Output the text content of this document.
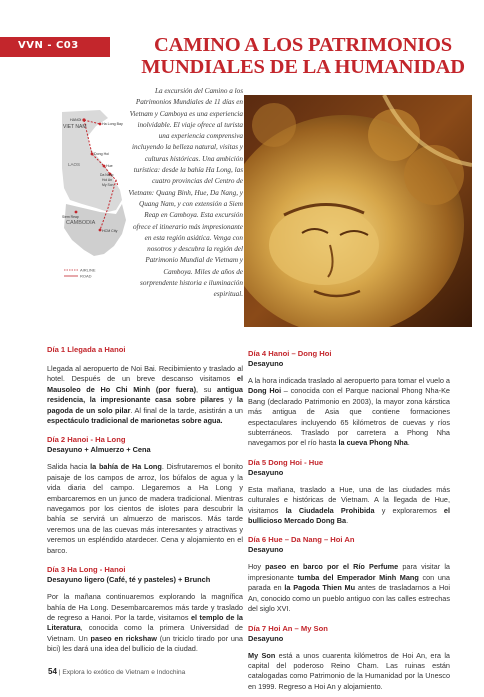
VVN - C03	CAMINO A LOS PATRIMONIOS
MUNDIALES DE LA HUMANIDAD
VIET NAM
LAOS
CAMBODIA
HANOI
Ha Long Bay
Dong Hoi
Hue
Da Nang
Hoi An
My Son
HCM City
Siem Reap
AIRLINE
ROAD

La excursión del Camino a los Patrimonios Mundiales de 11 días en Vietnam y Camboya es una experiencia inolvidable. El viaje ofrece al turista una experiencia comprensiva incluyendo la belleza natural, visitas y culturas históricas. Una ambición turística: desde la bahía Ha Long, las cuatro provincias del Centro de Vietnam: Quang Binh, Hue, Da Nang, y Quang Nam, y con extensión a Siem Reap en Camboya. Esta excursión ofrece el itinerario más impresionante en esta región asiática. Venga con nosotros y descubra la región del Patrimonio Mundial de Vietnam y Camboya. Miles de años de sorprendente historia e iluminación espiritual.

Día 1 Llegada a Hanoi

Llegada al aeropuerto de Noi Bai. Recibimiento y traslado al hotel. Después de un breve descanso visitamos el Mausoleo de Ho Chi Minh (por fuera), su antigua residencia, la impresionante casa sobre pilares y la pagoda de un solo pilar. Al final de la tarde, asistirán a un espectáculo tradicional de marionetas sobre agua.

Día 2 Hanoi - Ha Long
Desayuno + Almuerzo + Cena

Salida hacia la bahía de Ha Long. Disfrutaremos el bonito paisaje de los campos de arroz, los búfalos de agua y la vida diaria del campo. Llegaremos a Ha Long y embarcaremos en un junco de madera tradicional. Mientras navegamos por los cientos de islotes para descubrir la bahía se servirá un almuerzo de mariscos. Más tarde veremos una de las cuevas más interesantes y atractivas y veremos un espléndido atardecer. Cena y alojamiento en el barco.

Día 3 Ha Long - Hanoi
Desayuno ligero (Café, té y pasteles) + Brunch

Por la mañana continuaremos explorando la magnífica bahía de Ha Long. Desembarcaremos más tarde y traslado de regreso a Hanoi. Por la tarde, visitamos el templo de la Literatura, conocida como la primera Universidad de Vietnam. Un paseo en rickshaw (un triciclo tirado por una bici) les dará una idea del bullicio de la ciudad.

Día 4 Hanoi – Dong Hoi
Desayuno

A la hora indicada traslado al aeropuerto para tomar el vuelo a Dong Hoi – conocida con el Parque nacional Phong Nha-Ke Bang (declarado Patrimonio en 2003), la mayor zona kárstica más antigua de Asia que contiene formaciones espectaculares incluyendo 65 kilómetros de cuevas y ríos subterráneos. Traslado por carretera a Phong Nha navegamos por el río hasta la cueva Phong Nha.

Día 5 Dong Hoi - Hue
Desayuno

Esta mañana, traslado a Hue, una de las ciudades más culturales e históricas de Vietnam. A la llegada de Hue, visitamos la Ciudadela Prohibida y exploraremos el bullicioso Mercado Dong Ba.

Día 6 Hue – Da Nang – Hoi An
Desayuno

Hoy paseo en barco por el Río Perfume para visitar la impresionante tumba del Emperador Minh Mang con una parada en la Pagoda Thien Mu antes de trasladarnos a Hoi An, conocido como un pueblo antiguo con las calles estrechas del siglo XVI.

Día 7 Hoi An – My Son
Desayuno

My Son está a unos cuarenta kilómetros de Hoi An, era la capital del poderoso Reino Cham. Las ruinas están catalogadas como Patrimonio de la Humanidad por la Unesco en 1999. Regreso a Hoi An y alojamiento.

54 | Explora lo exótico de Vietnam e Indochina
